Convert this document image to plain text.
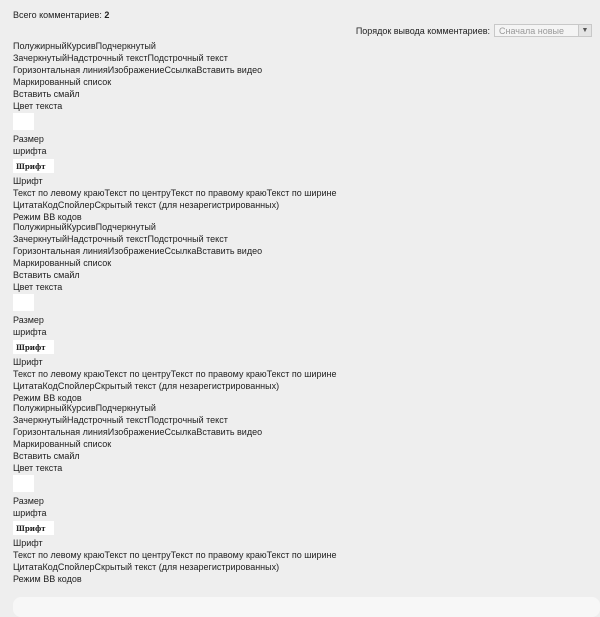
Всего комментариев: 2
Порядок вывода комментариев: Сначала новые	▼
ПолужирныйКурсивПодчеркнутый
ЗачеркнутыйНадстрочный текстПодстрочный текст
Горизонтальная линияИзображениеСсылкаВставить видео
Маркированный список
Вставить смайл
Цвет текста
Размер
шрифта
Шрифт
Шрифт
Текст по левому краюТекст по центруТекст по правому краюТекст по ширине
ЦитатаКодСпойлерСкрытый текст (для незарегистрированных)
Режим BB кодов
ПолужирныйКурсивПодчеркнутый
ЗачеркнутыйНадстрочный текстПодстрочный текст
Горизонтальная линияИзображениеСсылкаВставить видео
Маркированный список
Вставить смайл
Цвет текста
Размер
шрифта
Шрифт
Шрифт
Текст по левому краюТекст по центруТекст по правому краюТекст по ширине
ЦитатаКодСпойлерСкрытый текст (для незарегистрированных)
Режим BB кодов
ПолужирныйКурсивПодчеркнутый
ЗачеркнутыйНадстрочный текстПодстрочный текст
Горизонтальная линияИзображениеСсылкаВставить видео
Маркированный список
Вставить смайл
Цвет текста
Размер
шрифта
Шрифт
Шрифт
Текст по левому краюТекст по центруТекст по правому краюТекст по ширине
ЦитатаКодСпойлерСкрытый текст (для незарегистрированных)
Режим BB кодов
